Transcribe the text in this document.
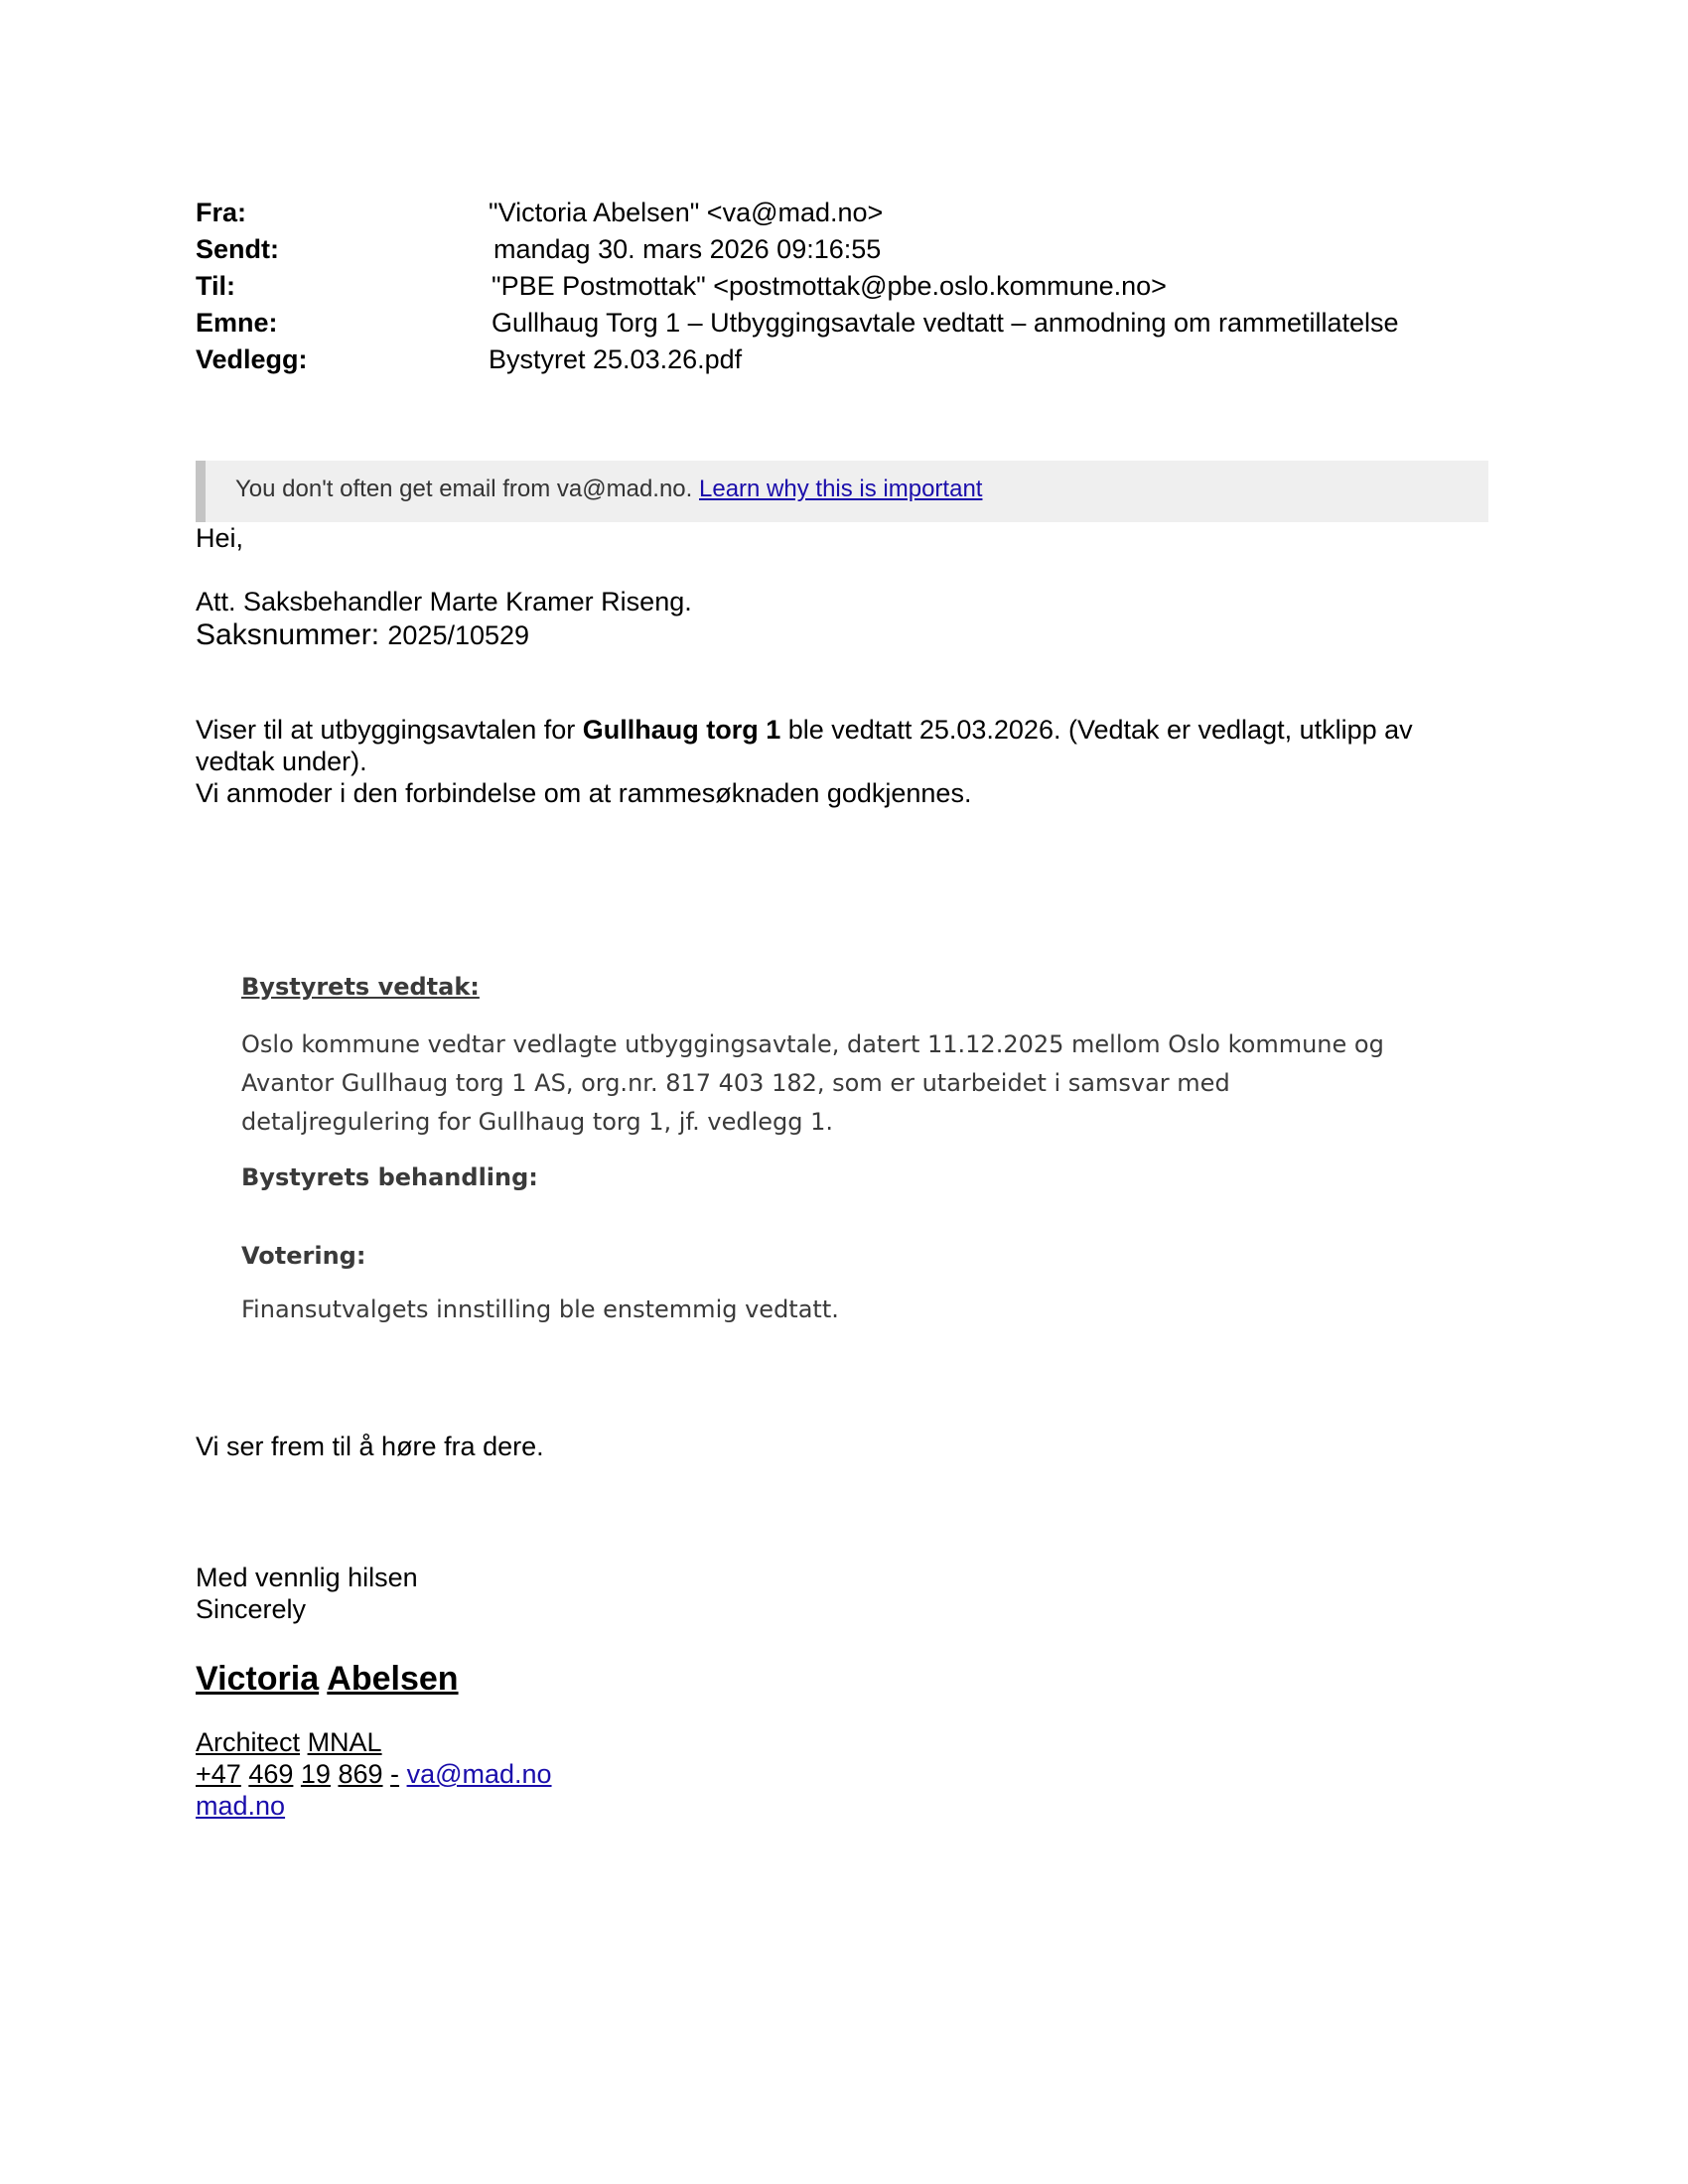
Fra:	"Victoria Abelsen" <va@mad.no>
Sendt:	mandag 30. mars 2026 09:16:55
Til:	"PBE Postmottak" <postmottak@pbe.oslo.kommune.no>
Emne:	Gullhaug Torg 1 – Utbyggingsavtale vedtatt – anmodning om rammetillatelse
Vedlegg:	Bystyret 25.03.26.pdf
You don't often get email from va@mad.no. Learn why this is important
Hei,
Att. Saksbehandler Marte Kramer Riseng.
Saksnummer: 2025/10529
Viser til at utbyggingsavtalen for Gullhaug torg 1 ble vedtatt 25.03.2026. (Vedtak er vedlagt, utklipp av
vedtak under).
Vi anmoder i den forbindelse om at rammesøknaden godkjennes.
Bystyrets vedtak:
Oslo kommune vedtar vedlagte utbyggingsavtale, datert 11.12.2025 mellom Oslo kommune og
Avantor Gullhaug torg 1 AS, org.nr. 817 403 182, som er utarbeidet i samsvar med
detaljregulering for Gullhaug torg 1, jf. vedlegg 1.
Bystyrets behandling:
Votering:
Finansutvalgets innstilling ble enstemmig vedtatt.
Vi ser frem til å høre fra dere.
Med vennlig hilsen
Sincerely
Victoria Abelsen
Architect MNAL
+47 469 19 869 - va@mad.no
mad.no
